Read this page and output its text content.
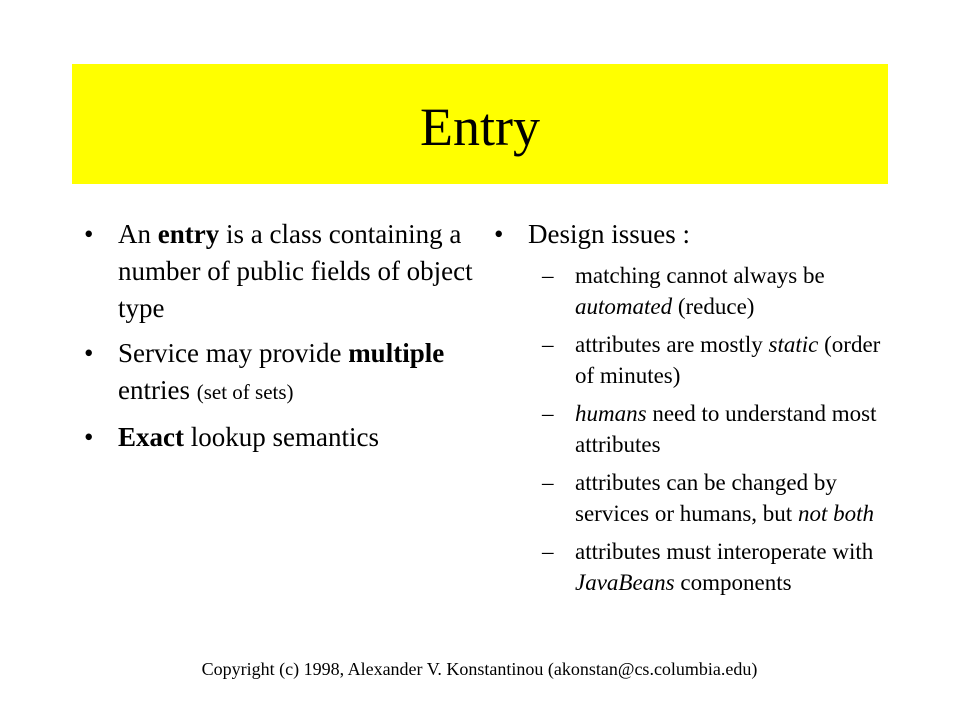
Entry
• An entry is a class containing a number of public fields of object type
• Service may provide multiple entries (set of sets)
• Exact lookup semantics
• Design issues :
– matching cannot always be automated (reduce)
– attributes are mostly static (order of minutes)
– humans need to understand most attributes
– attributes can be changed by services or humans, but not both
– attributes must interoperate with JavaBeans components
Copyright (c) 1998, Alexander V. Konstantinou (akonstan@cs.columbia.edu)
